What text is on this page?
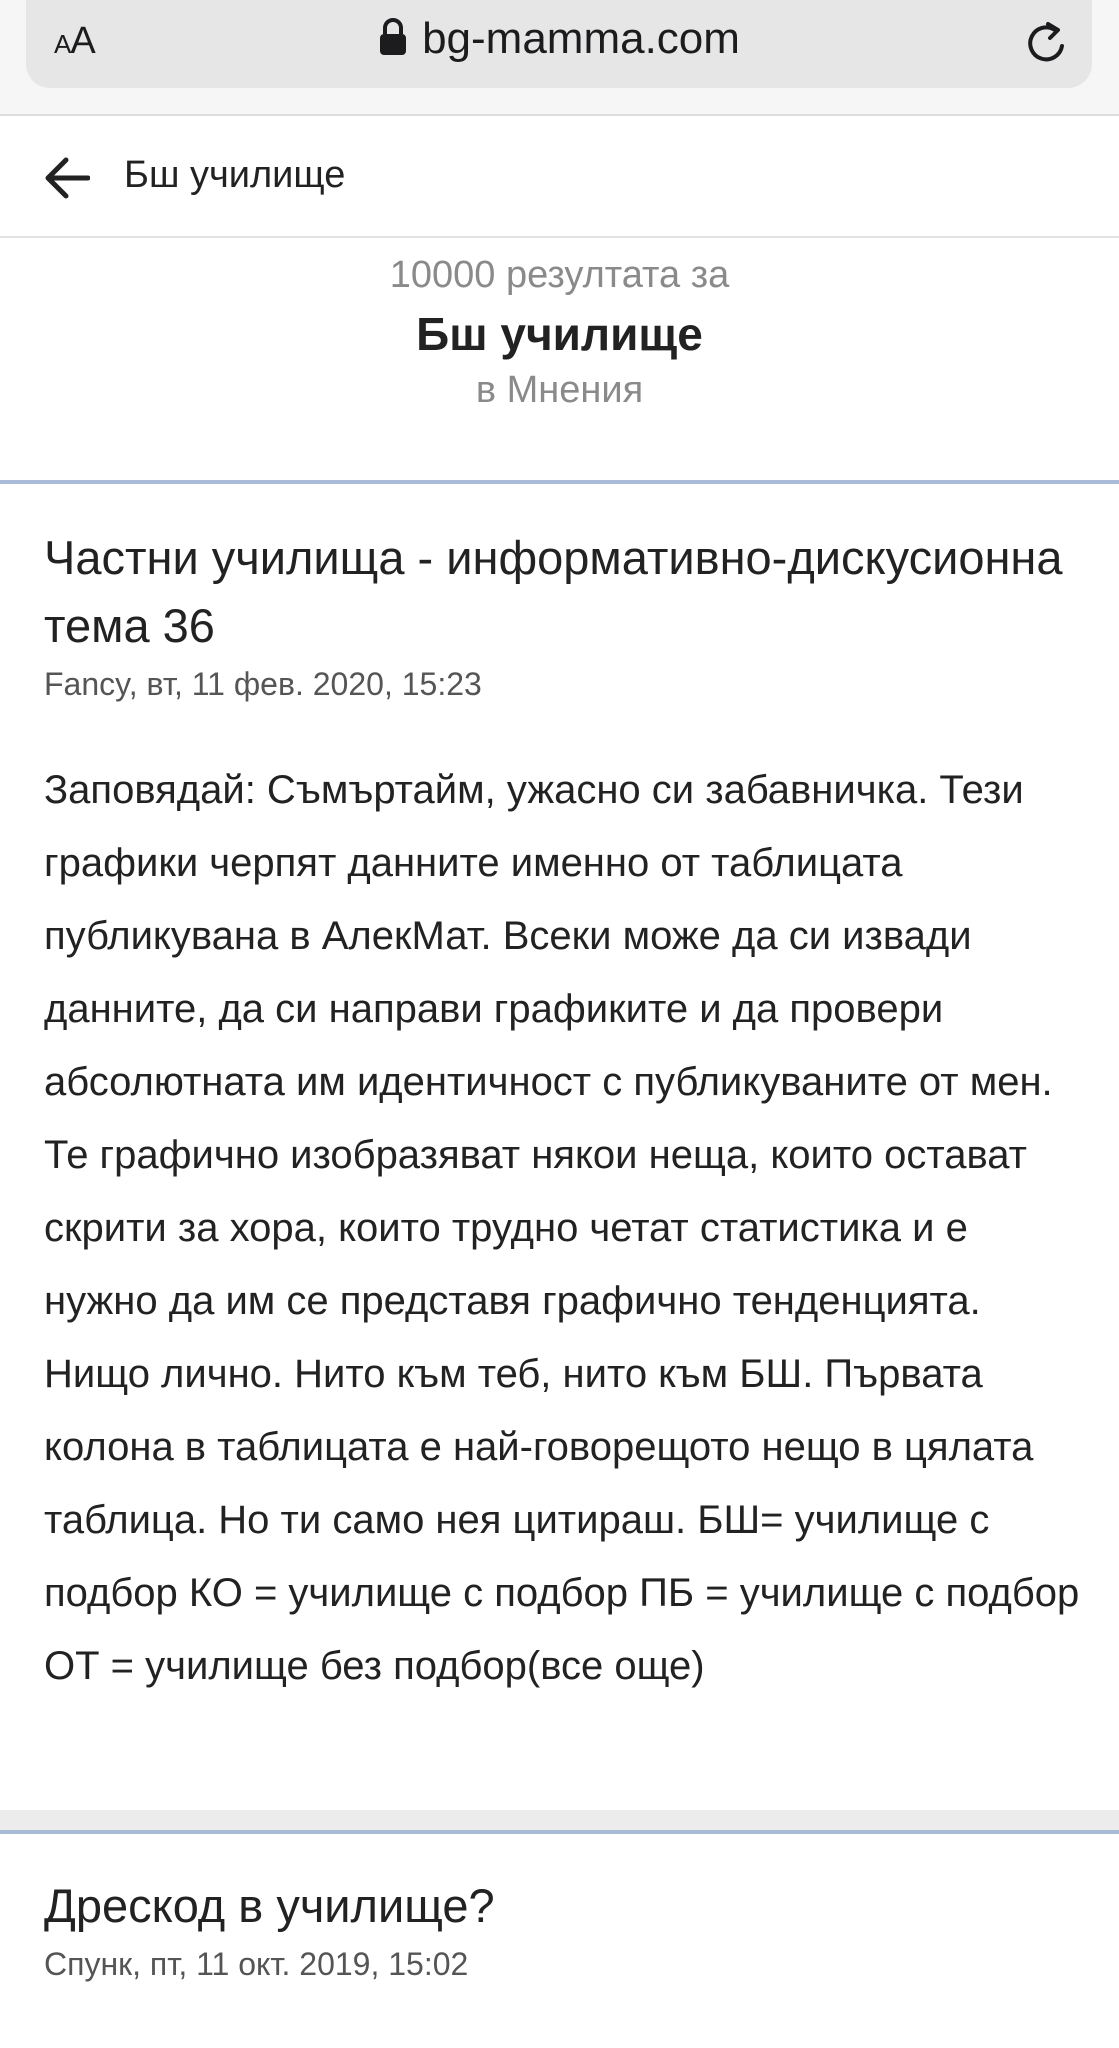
AA	bg-mamma.com
Бш училище
10000 резултата за
Бш училище
в Мнения
Частни училища - информативно-дискусионна тема 36
Fancy, вт, 11 фев. 2020, 15:23
Заповядай: Съмъртайм, ужасно си забавничка. Тези графики черпят данните именно от таблицата публикувана в АлекМат. Всеки може да си извади данните, да си направи графиките и да провери абсолютната им идентичност с публикуваните от мен. Те графично изобразяват някои неща, които остават скрити за хора, които трудно четат статистика и е нужно да им се представя графично тенденцията. Нищо лично. Нито към теб, нито към БШ. Първата колона в таблицата е най-говорещото нещо в цялата таблица. Но ти само нея цитираш. БШ= училище с подбор КО = училище с подбор ПБ = училище с подбор ОТ = училище без подбор(все още)
Дрескод в училище?
Спунк, пт, 11 окт. 2019, 15:02
